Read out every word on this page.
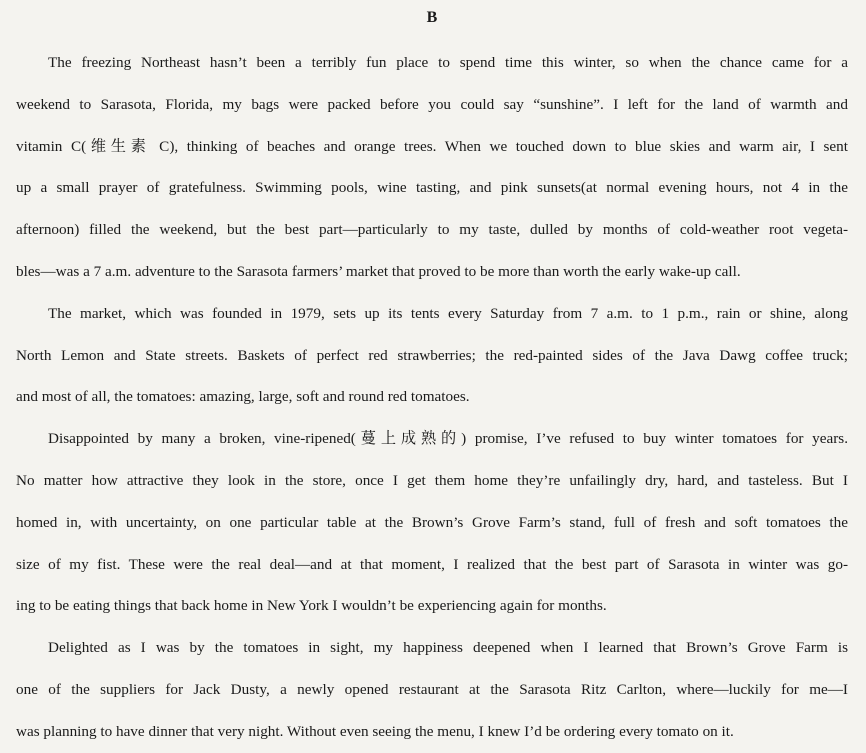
B
The freezing Northeast hasn’t been a terribly fun place to spend time this winter, so when the chance came for a
weekend to Sarasota, Florida, my bags were packed before you could say “sunshine”. I left for the land of warmth and
vitamin C(维生素 C), thinking of beaches and orange trees. When we touched down to blue skies and warm air, I sent
up a small prayer of gratefulness. Swimming pools, wine tasting, and pink sunsets(at normal evening hours, not 4 in the
afternoon) filled the weekend, but the best part—particularly to my taste, dulled by months of cold-weather root vegeta-
bles—was a 7 a.m. adventure to the Sarasota farmers’ market that proved to be more than worth the early wake-up call.
The market, which was founded in 1979, sets up its tents every Saturday from 7 a.m. to 1 p.m., rain or shine, along
North Lemon and State streets. Baskets of perfect red strawberries; the red-painted sides of the Java Dawg coffee truck;
and most of all, the tomatoes: amazing, large, soft and round red tomatoes.
Disappointed by many a broken, vine-ripened(蔓上成熟的) promise, I’ve refused to buy winter tomatoes for years.
No matter how attractive they look in the store, once I get them home they’re unfailingly dry, hard, and tasteless. But I
homed in, with uncertainty, on one particular table at the Brown’s Grove Farm’s stand, full of fresh and soft tomatoes the
size of my fist. These were the real deal—and at that moment, I realized that the best part of Sarasota in winter was go-
ing to be eating things that back home in New York I wouldn’t be experiencing again for months.
Delighted as I was by the tomatoes in sight, my happiness deepened when I learned that Brown’s Grove Farm is
one of the suppliers for Jack Dusty, a newly opened restaurant at the Sarasota Ritz Carlton, where—luckily for me—I
was planning to have dinner that very night. Without even seeing the menu, I knew I’d be ordering every tomato on it.
